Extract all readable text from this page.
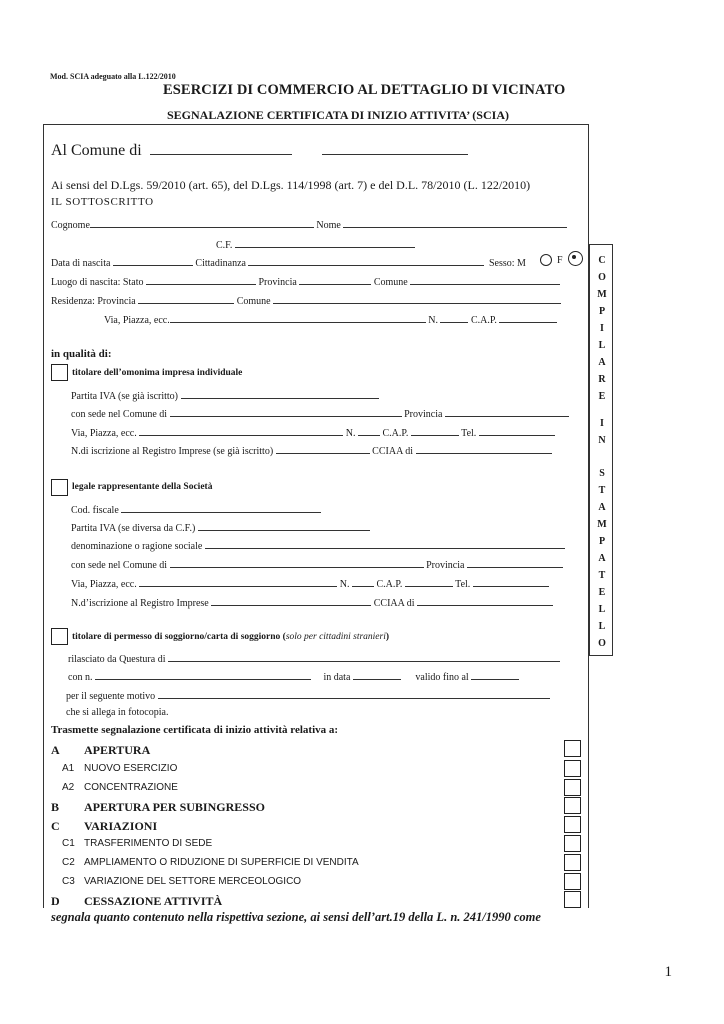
Mod. SCIA adeguato alla L.122/2010
ESERCIZI DI COMMERCIO AL DETTAGLIO DI VICINATO
SEGNALAZIONE CERTIFICATA DI INIZIO ATTIVITA’ (SCIA)
C
O
M
P
I
L
A
R
E
I
N
S
T
A
M
P
A
T
E
L
L
O
Al Comune di
Ai sensi del D.Lgs. 59/2010 (art. 65), del D.Lgs. 114/1998 (art. 7) e del D.L. 78/2010 (L. 122/2010)
IL SOTTOSCRITTO
Cognome	Nome
C.F.
Data di nascita	Cittadinanza	Sesso: M	F
Luogo di nascita: Stato	Provincia	Comune
Residenza: Provincia	Comune
Via, Piazza, ecc.	N.	C.A.P.
in qualità di:
titolare dell’omonima impresa individuale
Partita IVA (se già iscritto)
con sede nel Comune di	Provincia
Via, Piazza, ecc.	N.	C.A.P.	Tel.
N.di iscrizione al Registro Imprese (se già iscritto)	CCIAA di
legale rappresentante della Società
Cod. fiscale
Partita IVA (se diversa da C.F.)
denominazione o ragione sociale
con sede nel Comune di	Provincia
Via, Piazza, ecc.	N.	C.A.P.	Tel.
N.d’iscrizione al Registro Imprese	CCIAA di
titolare di permesso di soggiorno/carta di soggiorno (solo per cittadini stranieri)
rilasciato da Questura di
con n.	in data	valido fino al
per il seguente motivo
che si allega in fotocopia.
Trasmette segnalazione certificata di inizio attività relativa a:
A APERTURA
A1 NUOVO ESERCIZIO
A2 CONCENTRAZIONE
B APERTURA PER SUBINGRESSO
C VARIAZIONI
C1 TRASFERIMENTO DI SEDE
C2 AMPLIAMENTO O RIDUZIONE DI SUPERFICIE DI VENDITA
C3 VARIAZIONE DEL SETTORE MERCEOLOGICO
D CESSAZIONE ATTIVITÀ
segnala quanto contenuto nella rispettiva sezione, ai sensi dell’art.19 della L. n. 241/1990 come
1
